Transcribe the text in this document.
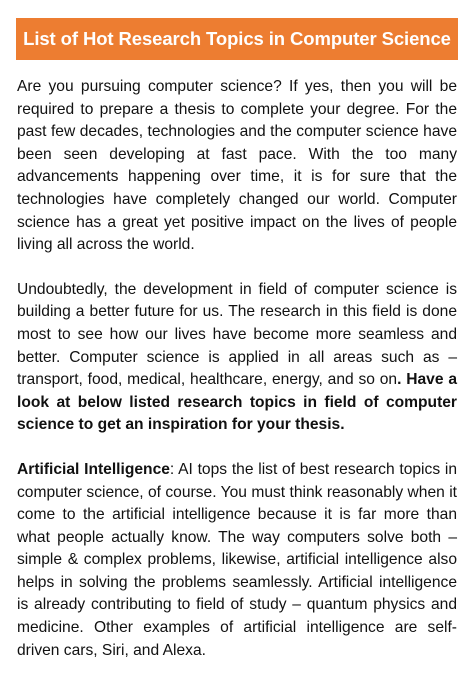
List of Hot Research Topics in Computer Science

Are you pursuing computer science? If yes, then you will be required to prepare a thesis to complete your degree. For the past few decades, technologies and the computer science have been seen developing at fast pace. With the too many advancements happening over time, it is for sure that the technologies have completely changed our world. Computer science has a great yet positive impact on the lives of people living all across the world.

Undoubtedly, the development in field of computer science is building a better future for us. The research in this field is done most to see how our lives have become more seamless and better. Computer science is applied in all areas such as – transport, food, medical, healthcare, energy, and so on. Have a look at below listed research topics in field of computer science to get an inspiration for your thesis.

Artificial Intelligence: AI tops the list of best research topics in computer science, of course. You must think reasonably when it come to the artificial intelligence because it is far more than what people actually know. The way computers solve both – simple & complex problems, likewise, artificial intelligence also helps in solving the problems seamlessly. Artificial intelligence is already contributing to field of study – quantum physics and medicine. Other examples of artificial intelligence are self-driven cars, Siri, and Alexa.
